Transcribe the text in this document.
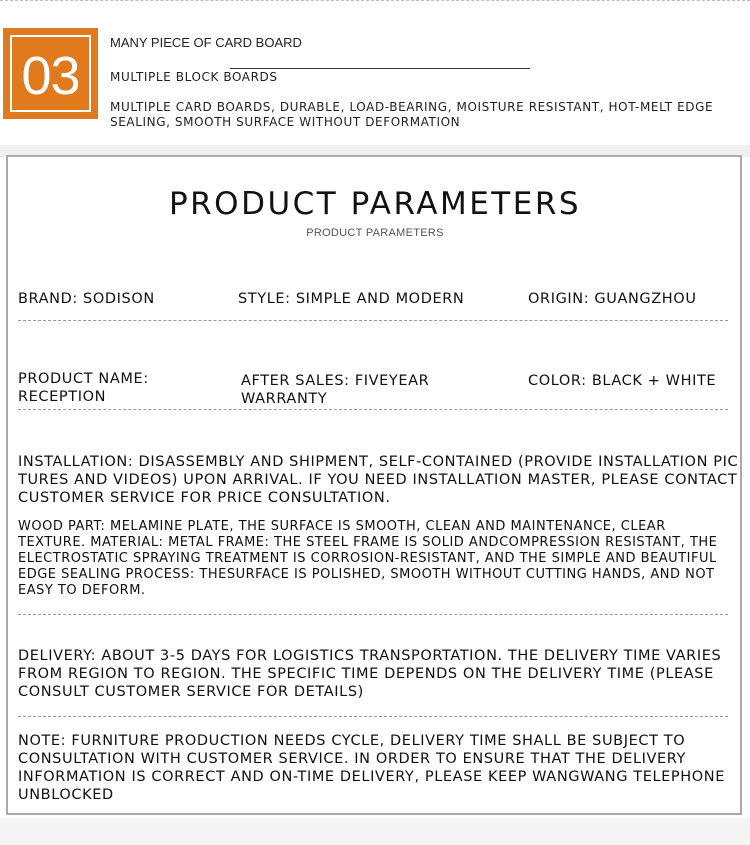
03
MANY PIECE OF CARD BOARD
MULTIPLE BLOCK BOARDS
MULTIPLE CARD BOARDS, DURABLE, LOAD-BEARING, MOISTURE RESISTANT, HOT-MELT EDGE SEALING, SMOOTH SURFACE WITHOUT DEFORMATION
PRODUCT PARAMETERS
PRODUCT PARAMETERS
BRAND: SODISON	STYLE: SIMPLE AND MODERN	ORIGIN: GUANGZHOU
PRODUCT NAME: RECEPTION
AFTER SALES: FIVEYEAR WARRANTY
COLOR: BLACK + WHITE
INSTALLATION: DISASSEMBLY AND SHIPMENT, SELF-CONTAINED (PROVIDE INSTALLATION PICTURES AND VIDEOS) UPON ARRIVAL. IF YOU NEED INSTALLATION MASTER, PLEASE CONTACT CUSTOMER SERVICE FOR PRICE CONSULTATION.
WOOD PART: MELAMINE PLATE, THE SURFACE IS SMOOTH, CLEAN AND MAINTENANCE, CLEAR TEXTURE. MATERIAL: METAL FRAME: THE STEEL FRAME IS SOLID ANDCOMPRESSION RESISTANT, THE ELECTROSTATIC SPRAYING TREATMENT IS CORROSION-RESISTANT, AND THE SIMPLE AND BEAUTIFUL EDGE SEALING PROCESS: THESURFACE IS POLISHED, SMOOTH WITHOUT CUTTING HANDS, AND NOT EASY TO DEFORM.
DELIVERY: ABOUT 3-5 DAYS FOR LOGISTICS TRANSPORTATION. THE DELIVERY TIME VARIES FROM REGION TO REGION. THE SPECIFIC TIME DEPENDS ON THE DELIVERY TIME (PLEASE CONSULT CUSTOMER SERVICE FOR DETAILS)
NOTE: FURNITURE PRODUCTION NEEDS CYCLE, DELIVERY TIME SHALL BE SUBJECT TO CONSULTATION WITH CUSTOMER SERVICE. IN ORDER TO ENSURE THAT THE DELIVERY INFORMATION IS CORRECT AND ON-TIME DELIVERY, PLEASE KEEP WANGWANG TELEPHONE UNBLOCKED
